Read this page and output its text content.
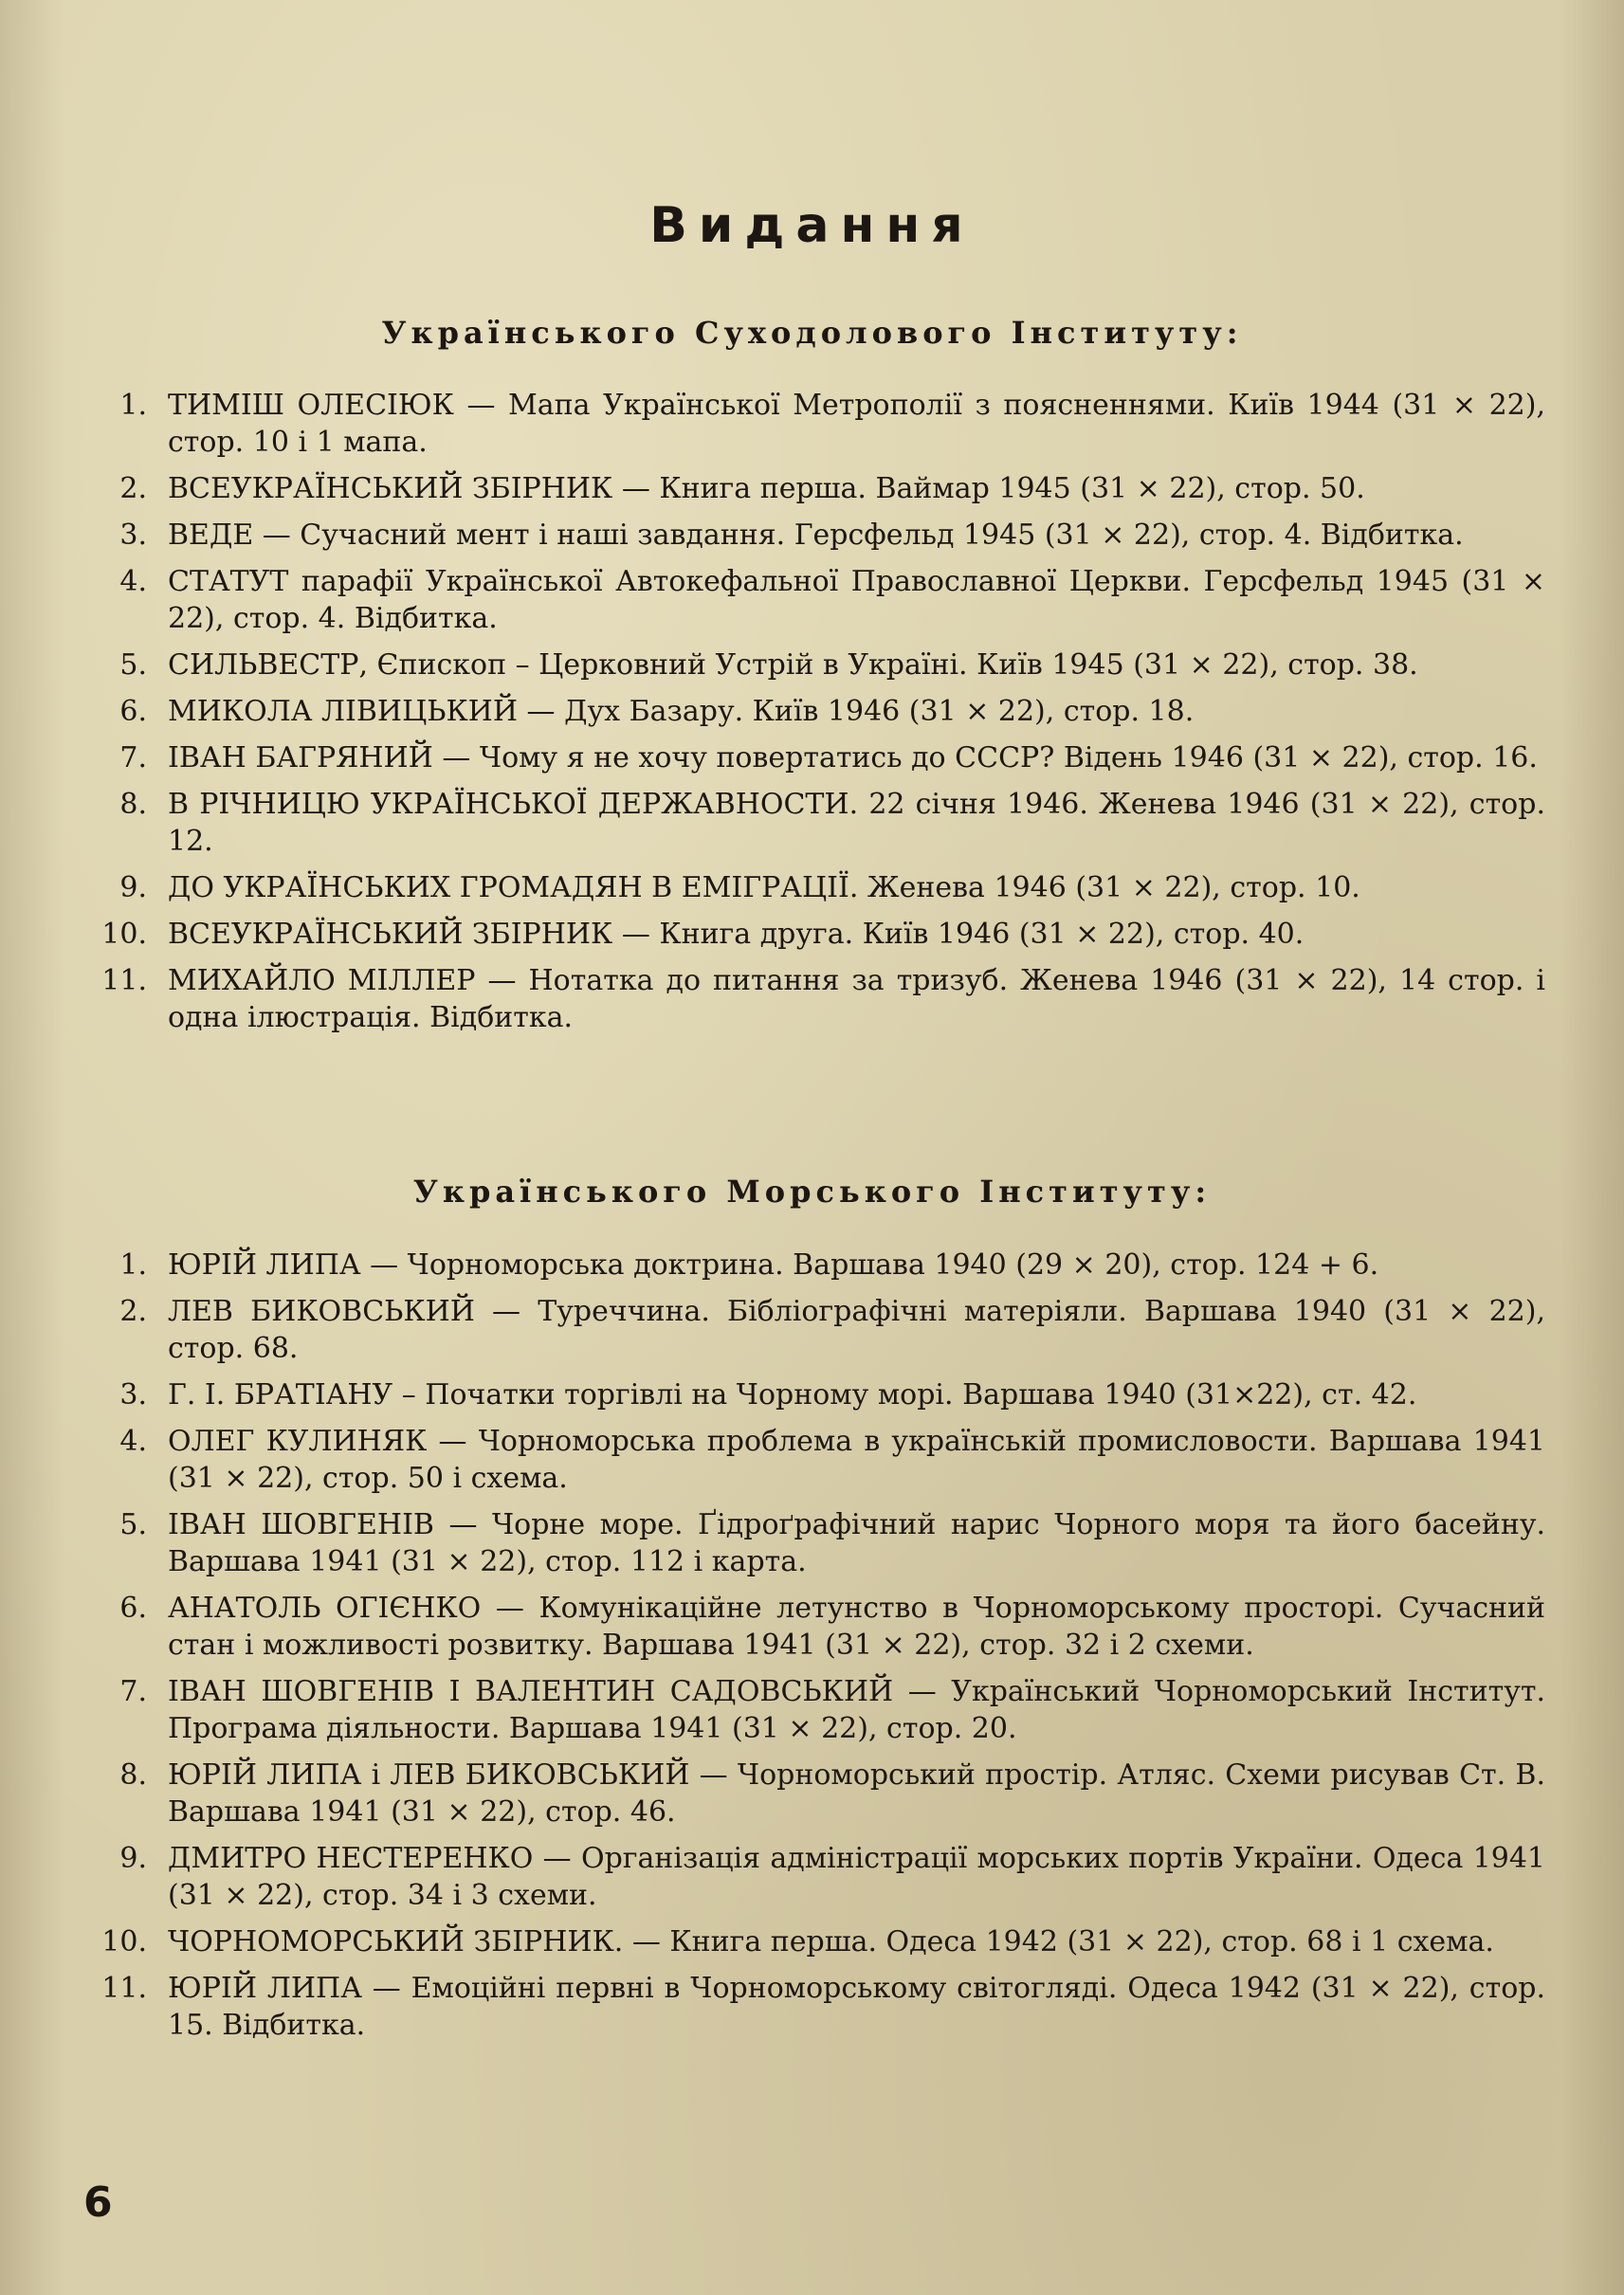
Видання
Українського Суходолового Інституту:
1. ТИМІШ ОЛЕСІЮК — Мапа Української Метрополії з поясненнями. Київ 1944 (31 × 22), стор. 10 і 1 мапа.
2. ВСЕУКРАЇНСЬКИЙ ЗБІРНИК — Книга перша. Ваймар 1945 (31 × 22), стор. 50.
3. ВЕДЕ — Сучасний мент і наші завдання. Герсфельд 1945 (31 × 22), стор. 4. Відбитка.
4. СТАТУТ парафії Української Автокефальної Православної Церкви. Герсфельд 1945 (31 × 22), стор. 4. Відбитка.
5. СИЛЬВЕСТР, Єпископ – Церковний Устрій в Україні. Київ 1945 (31 × 22), стор. 38.
6. МИКОЛА ЛІВИЦЬКИЙ — Дух Базару. Київ 1946 (31 × 22), стор. 18.
7. ІВАН БАГРЯНИЙ — Чому я не хочу повертатись до СССР? Відень 1946 (31 × 22), стор. 16.
8. В РІЧНИЦЮ УКРАЇНСЬКОЇ ДЕРЖАВНОСТИ. 22 січня 1946. Женева 1946 (31 × 22), стор. 12.
9. ДО УКРАЇНСЬКИХ ГРОМАДЯН В ЕМІГРАЦІЇ. Женева 1946 (31 × 22), стор. 10.
10. ВСЕУКРАЇНСЬКИЙ ЗБІРНИК — Книга друга. Київ 1946 (31 × 22), стор. 40.
11. МИХАЙЛО МІЛЛЕР — Нотатка до питання за тризуб. Женева 1946 (31 × 22), 14 стор. і одна ілюстрація. Відбитка.
Українського Морського Інституту:
1. ЮРІЙ ЛИПА — Чорноморська доктрина. Варшава 1940 (29 × 20), стор. 124 + 6.
2. ЛЕВ БИКОВСЬКИЙ — Туреччина. Бібліографічні матеріяли. Варшава 1940 (31 × 22), стор. 68.
3. Г. І. БРАТІАНУ – Початки торгівлі на Чорному морі. Варшава 1940 (31×22), ст. 42.
4. ОЛЕГ КУЛИНЯК — Чорноморська проблема в українській промисловости. Варшава 1941 (31 × 22), стор. 50 і схема.
5. ІВАН ШОВГЕНІВ — Чорне море. Ґідроґрафічний нарис Чорного моря та його басейну. Варшава 1941 (31 × 22), стор. 112 і карта.
6. АНАТОЛЬ ОГІЄНКО — Комунікаційне летунство в Чорноморському просторі. Сучасний стан і можливості розвитку. Варшава 1941 (31 × 22), стор. 32 і 2 схеми.
7. ІВАН ШОВГЕНІВ І ВАЛЕНТИН САДОВСЬКИЙ — Український Чорноморський Інститут. Програма діяльности. Варшава 1941 (31 × 22), стор. 20.
8. ЮРІЙ ЛИПА і ЛЕВ БИКОВСЬКИЙ — Чорноморський простір. Атляс. Схеми рисував Ст. В. Варшава 1941 (31 × 22), стор. 46.
9. ДМИТРО НЕСТЕРЕНКО — Організація адміністрації морських портів України. Одеса 1941 (31 × 22), стор. 34 і 3 схеми.
10. ЧОРНОМОРСЬКИЙ ЗБІРНИК. — Книга перша. Одеса 1942 (31 × 22), стор. 68 і 1 схема.
11. ЮРІЙ ЛИПА — Емоційні первні в Чорноморському світогляді. Одеса 1942 (31 × 22), стор. 15. Відбитка.
6
